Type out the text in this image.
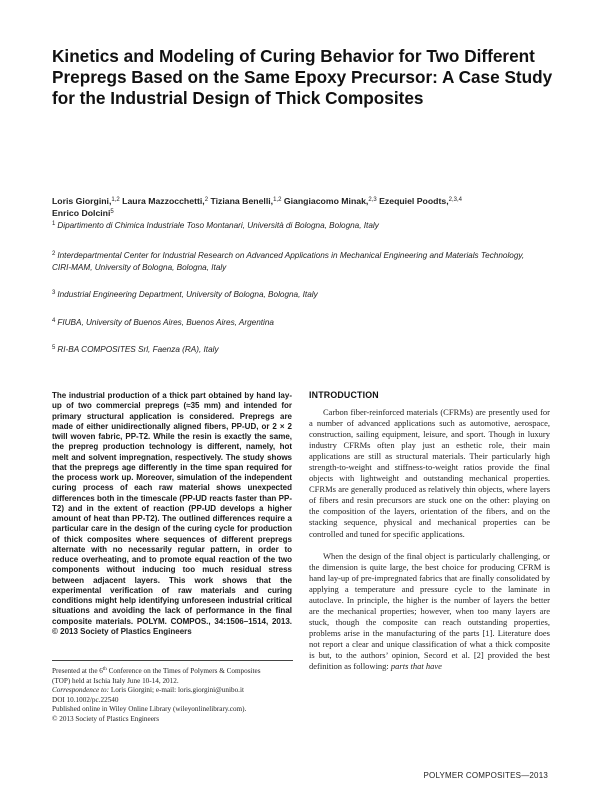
Kinetics and Modeling of Curing Behavior for Two Different Prepregs Based on the Same Epoxy Precursor: A Case Study for the Industrial Design of Thick Composites
Loris Giorgini,$^{1,2}$ Laura Mazzocchetti,$^2$ Tiziana Benelli,$^{1,2}$ Giangiacomo Minak,$^{2,3}$ Ezequiel Poodts,$^{2,3,4}$
Enrico Dolcini$^5$
$^1$ Dipartimento di Chimica Industriale Toso Montanari, Università di Bologna, Bologna, Italy
$^2$ Interdepartmental Center for Industrial Research on Advanced Applications in Mechanical Engineering and Materials Technology, CIRI-MAM, University of Bologna, Bologna, Italy
$^3$ Industrial Engineering Department, University of Bologna, Bologna, Italy
$^4$ FIUBA, University of Buenos Aires, Buenos Aires, Argentina
$^5$ RI-BA COMPOSITES Srl, Faenza (RA), Italy

The industrial production of a thick part obtained by hand lay-up of two commercial prepregs (≈35 mm) and intended for primary structural application is considered. Prepregs are made of either unidirectionally aligned fibers, PP-UD, or 2 × 2 twill woven fabric, PP-T2. While the resin is exactly the same, the prepreg production technology is different, namely, hot melt and solvent impregnation, respectively. The study shows that the prepregs age differently in the time span required for the process work up. Moreover, simulation of the independent curing process of each raw material shows unexpected differences both in the timescale (PP-UD reacts faster than PP-T2) and in the extent of reaction (PP-UD develops a higher amount of heat than PP-T2). The outlined differences require a particular care in the design of the curing cycle for production of thick composites where sequences of different prepregs alternate with no necessarily regular pattern, in order to reduce overheating, and to promote equal reaction of the two components without inducing too much residual stress between adjacent layers. This work shows that the experimental verification of raw materials and curing conditions might help identifying unforeseen industrial critical situations and avoiding the lack of performance in the final composite materials. POLYM. COMPOS., 34:1506–1514, 2013. © 2013 Society of Plastics Engineers

Presented at the 6th Conference on the Times of Polymers & Composites
(TOP) held at Ischia Italy June 10-14, 2012.
Correspondence to: Loris Giorgini; e-mail: loris.giorgini@unibo.it
DOI 10.1002/pc.22540
Published online in Wiley Online Library (wileyonlinelibrary.com).
© 2013 Society of Plastics Engineers
INTRODUCTION

Carbon fiber-reinforced materials (CFRMs) are presently used for a number of advanced applications such as automotive, aerospace, construction, sailing equipment, leisure, and sport. Though in luxury industry CFRMs often play just an esthetic role, their main applications are still as structural materials. Their particularly high strength-to-weight and stiffness-to-weight ratios provide the final objects with lightweight and outstanding mechanical properties. CFRMs are generally produced as relatively thin objects, where layers of fibers and resin precursors are stuck one on the other: playing on the composition of the layers, orientation of the fibers, and on the stacking sequence, physical and mechanical properties can be controlled and tuned for specific applications.

When the design of the final object is particularly challenging, or the dimension is quite large, the best choice for producing CFRM is hand lay-up of pre-impregnated fabrics that are finally consolidated by applying a temperature and pressure cycle to the laminate in autoclave. In principle, the higher is the number of layers the better are the mechanical properties; however, when too many layers are stuck, though the composite can reach outstanding properties, problems arise in the manufacturing of the parts [1]. Literature does not report a clear and unique classification of what a thick composite is but, to the authors’ opinion, Secord et al. [2] provided the best definition as following: parts that have

POLYMER COMPOSITES—2013
